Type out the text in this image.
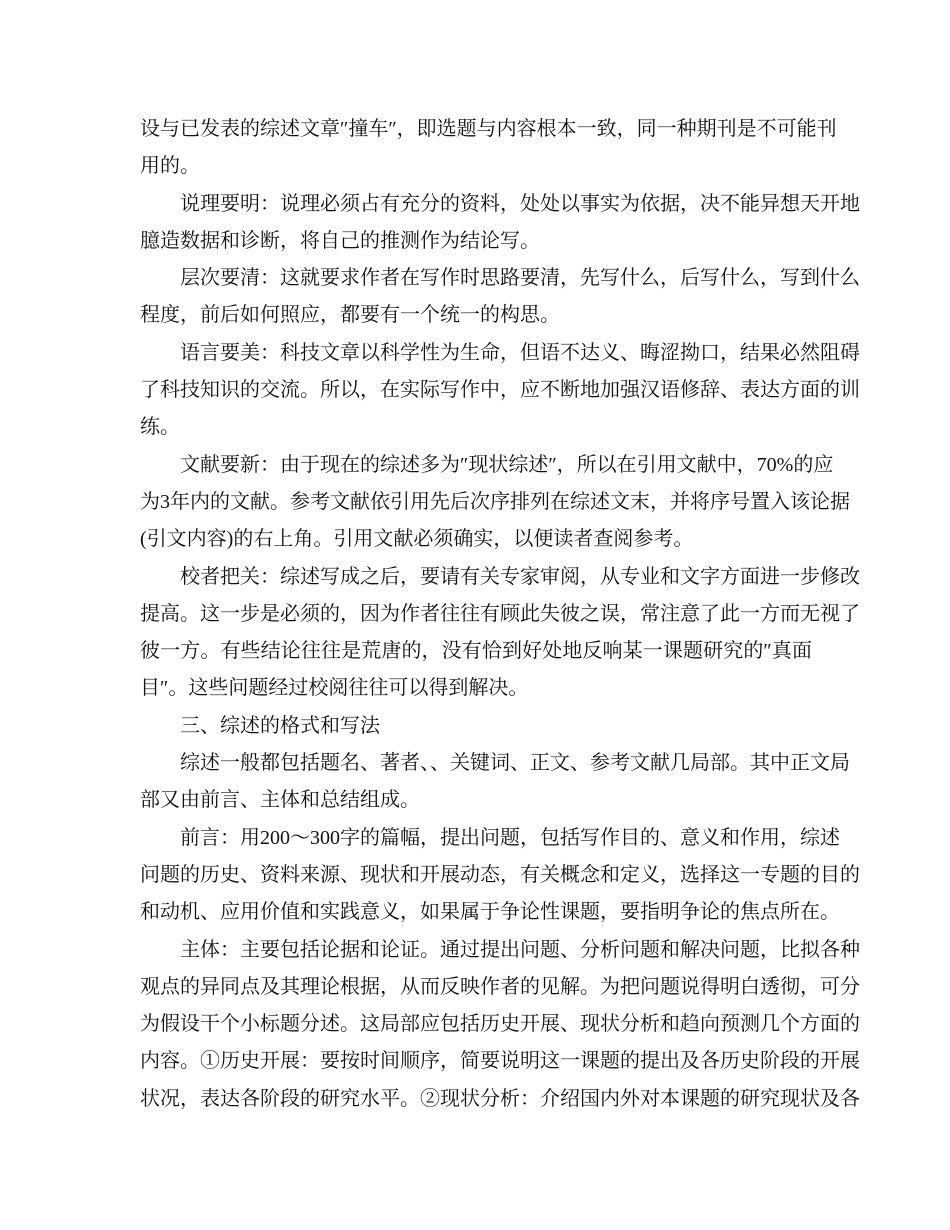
设与已发表的综述文章″撞车″，即选题与内容根本一致，同一种期刊是不可能刊
用的。
说理要明：说理必须占有充分的资料，处处以事实为依据，决不能异想天开地
臆造数据和诊断，将自己的推测作为结论写。
层次要清：这就要求作者在写作时思路要清，先写什么，后写什么，写到什么
程度，前后如何照应，都要有一个统一的构思。
语言要美：科技文章以科学性为生命，但语不达义、晦涩拗口，结果必然阻碍
了科技知识的交流。所以，在实际写作中，应不断地加强汉语修辞、表达方面的训
练。
文献要新：由于现在的综述多为″现状综述″，所以在引用文献中，70%的应
为3年内的文献。参考文献依引用先后次序排列在综述文末，并将序号置入该论据
(引文内容)的右上角。引用文献必须确实，以便读者查阅参考。
校者把关：综述写成之后，要请有关专家审阅，从专业和文字方面进一步修改
提高。这一步是必须的，因为作者往往有顾此失彼之误，常注意了此一方而无视了
彼一方。有些结论往往是荒唐的，没有恰到好处地反响某一课题研究的″真面
目″。这些问题经过校阅往往可以得到解决。
三、综述的格式和写法
综述一般都包括题名、著者、、关键词、正文、参考文献几局部。其中正文局
部又由前言、主体和总结组成。
前言：用200～300字的篇幅，提出问题，包括写作目的、意义和作用，综述
问题的历史、资料来源、现状和开展动态，有关概念和定义，选择这一专题的目的
和动机、应用价值和实践意义，如果属于争论性课题，要指明争论的焦点所在。
主体：主要包括论据和论证。通过提出问题、分析问题和解决问题，比拟各种
观点的异同点及其理论根据，从而反映作者的见解。为把问题说得明白透彻，可分
为假设干个小标题分述。这局部应包括历史开展、现状分析和趋向预测几个方面的
内容。①历史开展：要按时间顺序，简要说明这一课题的提出及各历史阶段的开展
状况，表达各阶段的研究水平。②现状分析：介绍国内外对本课题的研究现状及各
